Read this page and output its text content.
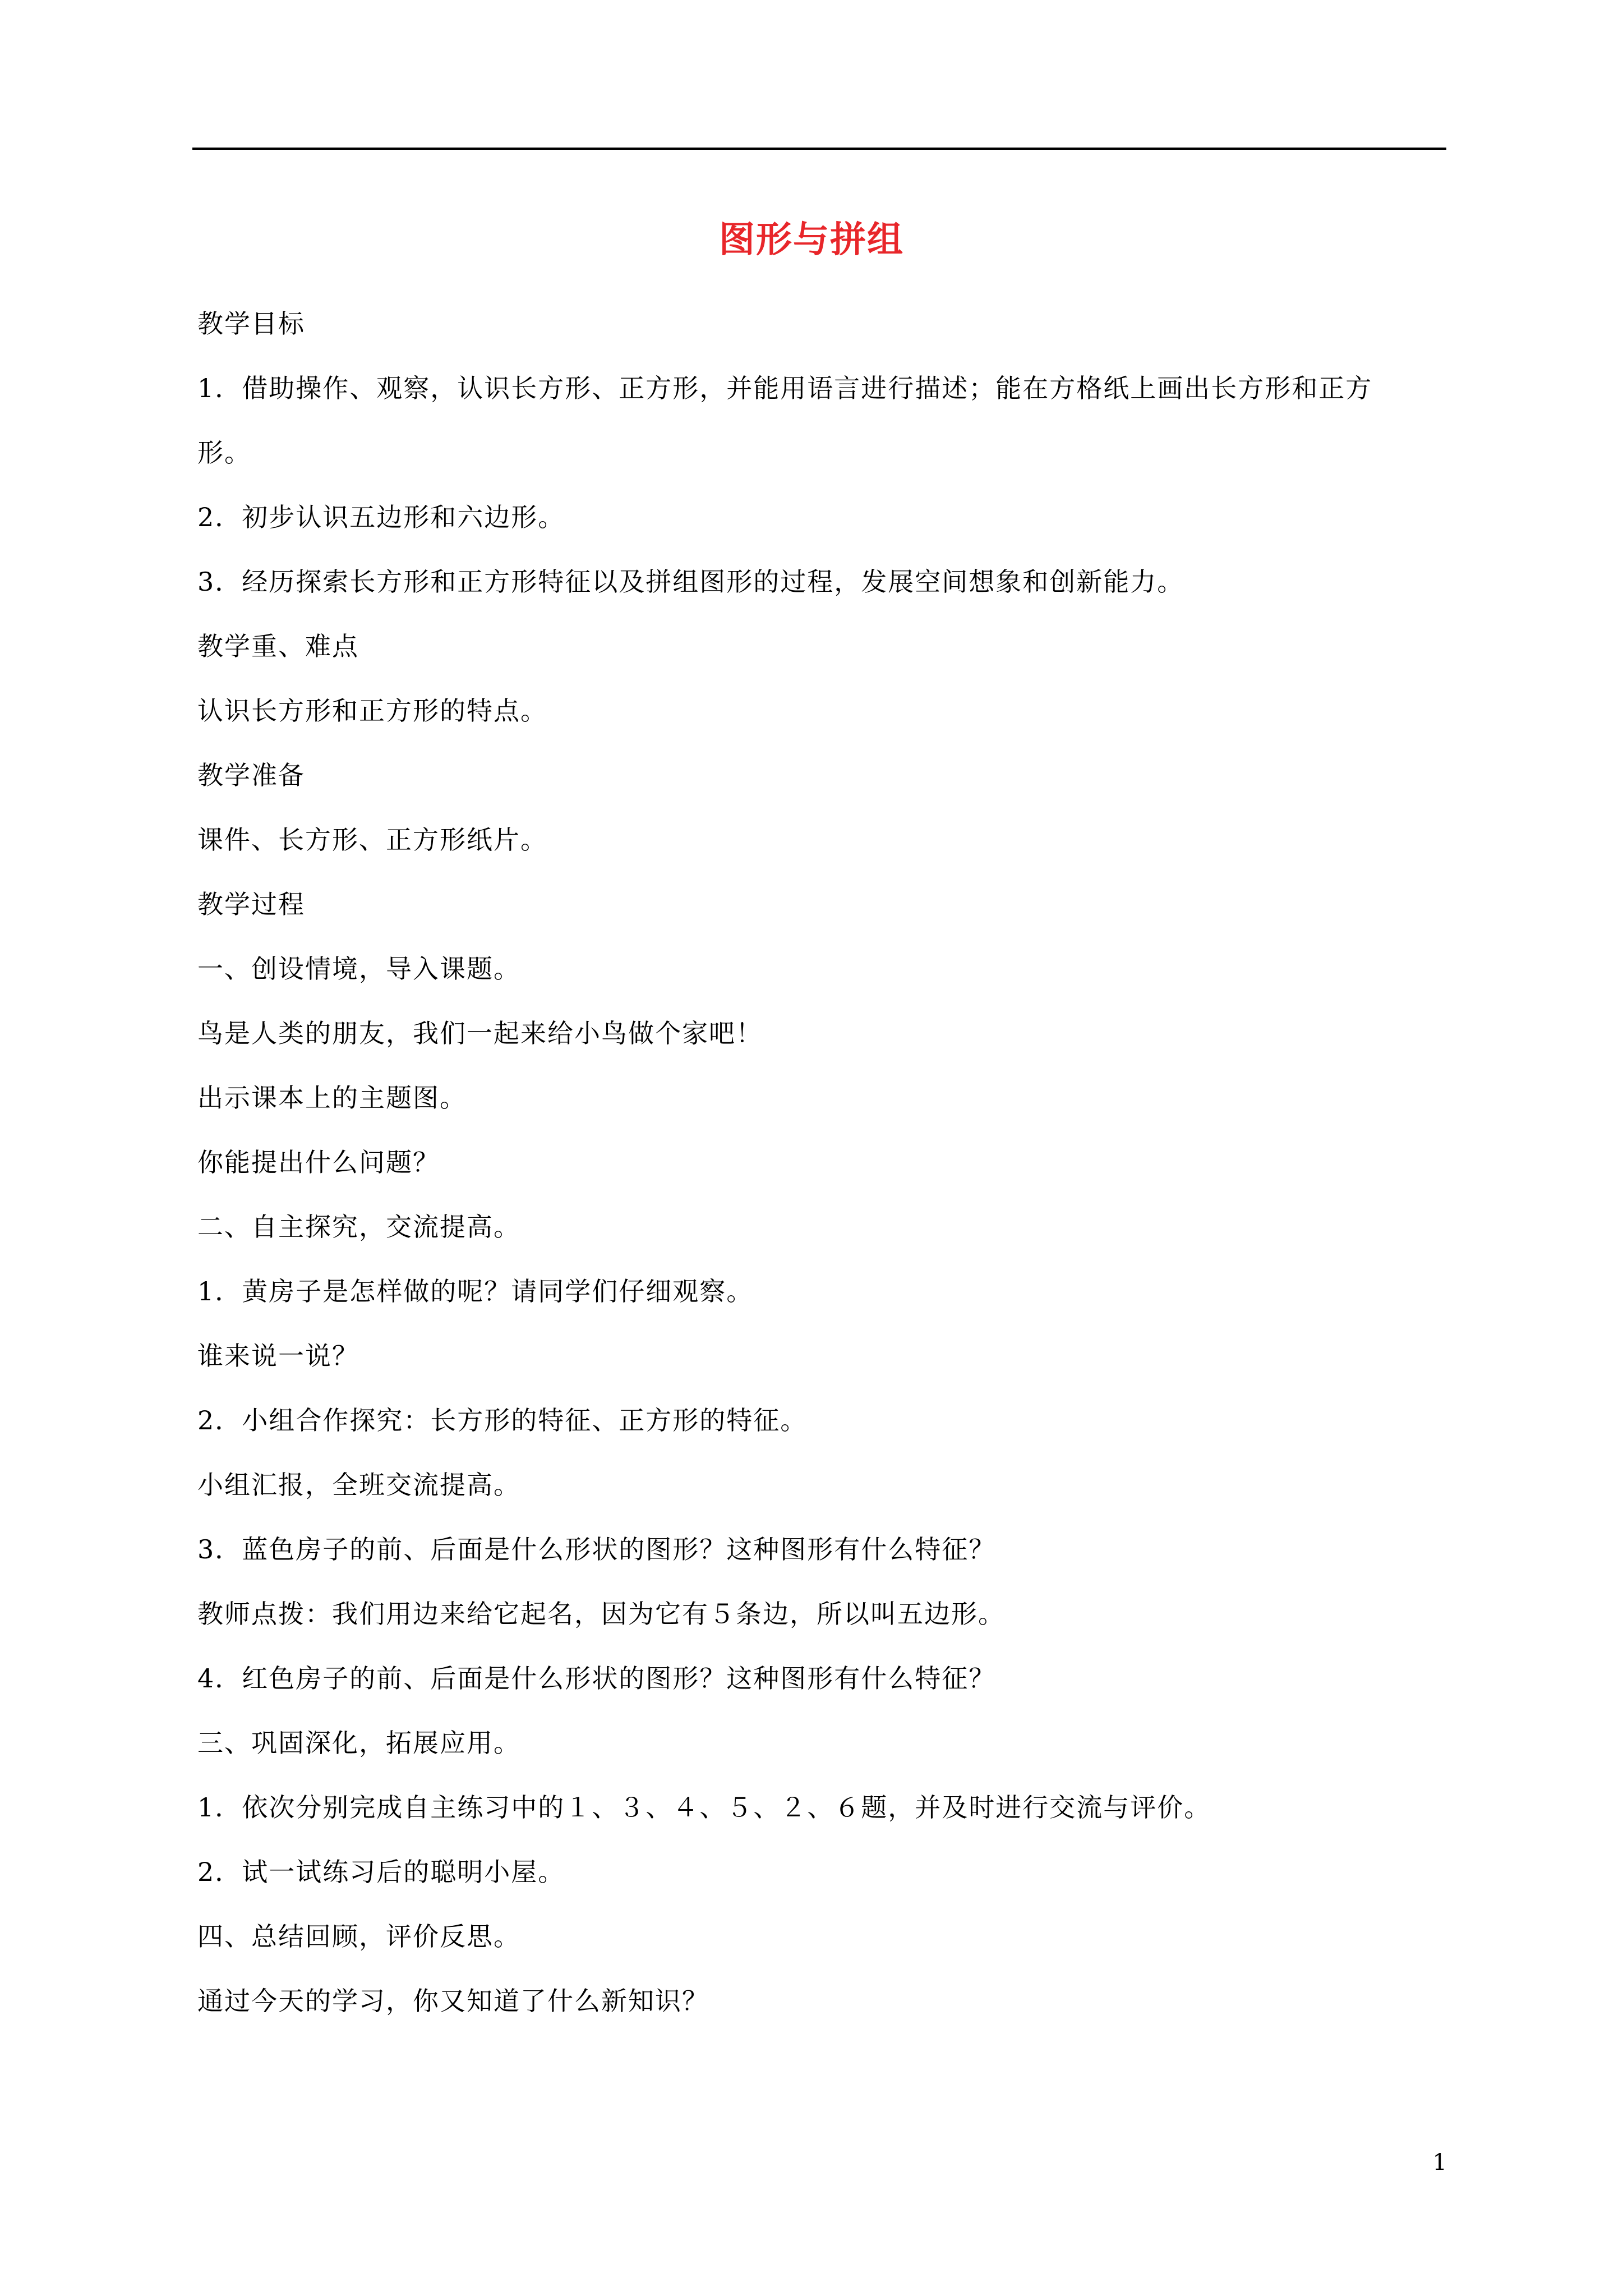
图形与拼组
教学目标
1．借助操作、观察，认识长方形、正方形，并能用语言进行描述；能在方格纸上画出长方形和正方
形。
2．初步认识五边形和六边形。
3．经历探索长方形和正方形特征以及拼组图形的过程，发展空间想象和创新能力。
教学重、难点
认识长方形和正方形的特点。
教学准备
课件、长方形、正方形纸片。
教学过程
一、创设情境，导入课题。
鸟是人类的朋友，我们一起来给小鸟做个家吧！
出示课本上的主题图。
你能提出什么问题？
二、自主探究，交流提高。
1．黄房子是怎样做的呢？请同学们仔细观察。
谁来说一说？
2．小组合作探究：长方形的特征、正方形的特征。
小组汇报，全班交流提高。
3．蓝色房子的前、后面是什么形状的图形？这种图形有什么特征？
教师点拨：我们用边来给它起名，因为它有５条边，所以叫五边形。
4．红色房子的前、后面是什么形状的图形？这种图形有什么特征？
三、巩固深化，拓展应用。
1．依次分别完成自主练习中的１、３、４、５、２、６题，并及时进行交流与评价。
2．试一试练习后的聪明小屋。
四、总结回顾，评价反思。
通过今天的学习，你又知道了什么新知识？
1
